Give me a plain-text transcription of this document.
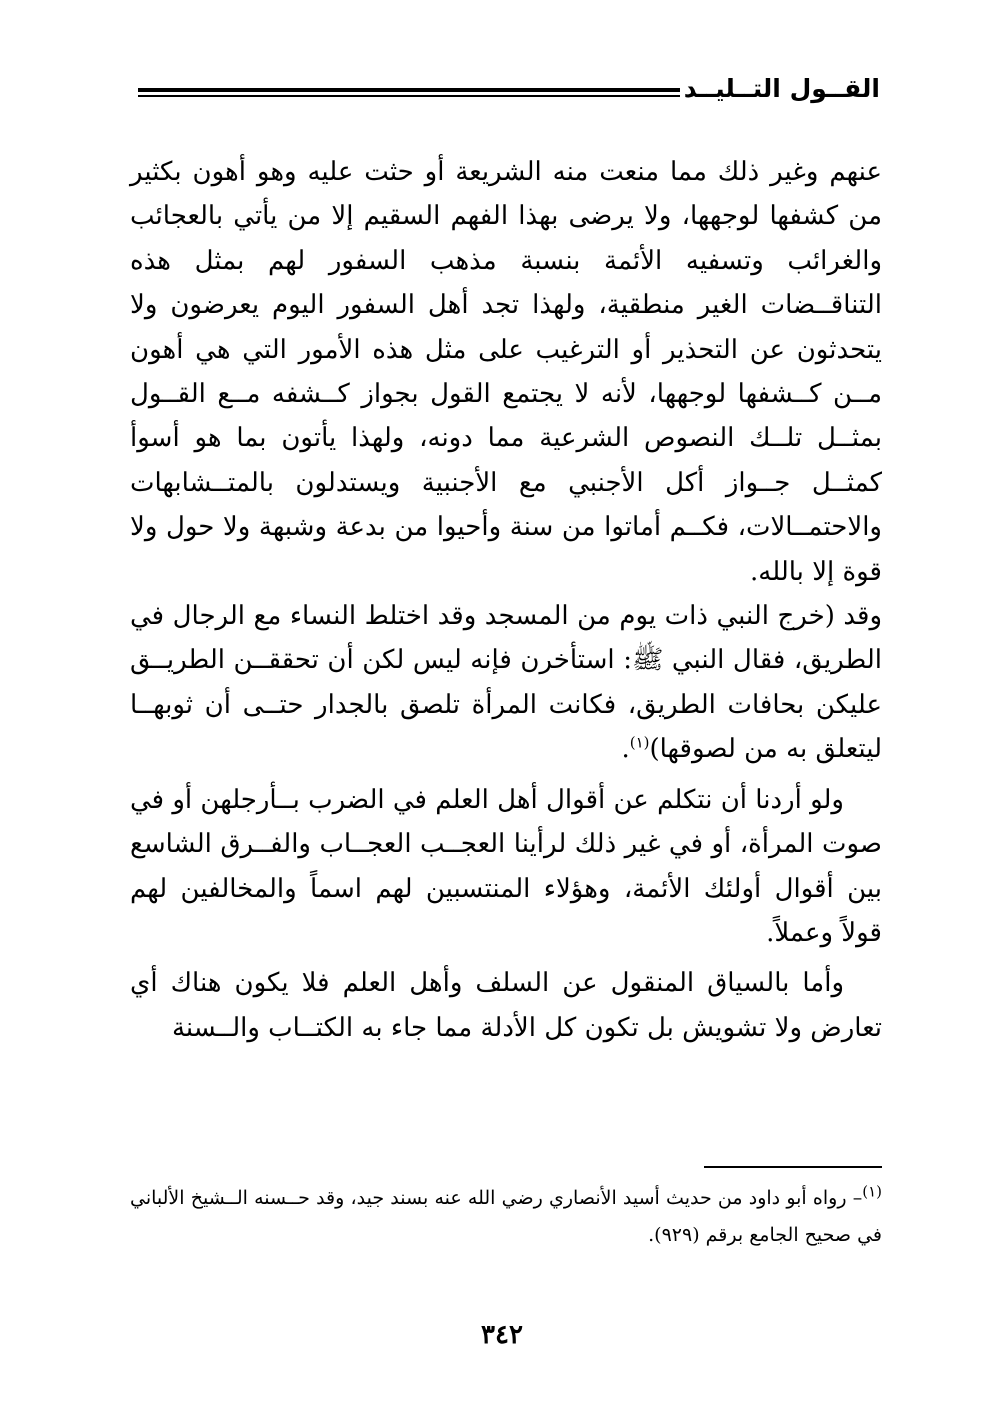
القــول التــليــد

عنهم وغير ذلك مما منعت منه الشريعة أو حثت عليه وهو أهون بكثير من كشفها لوجهها، ولا يرضى بهذا الفهم السقيم إلا من يأتي بالعجائب والغرائب وتسفيه الأئمة بنسبة مذهب السفور لهم بمثل هذه التناقــضات الغير منطقية، ولهذا تجد أهل السفور اليوم يعرضون ولا يتحدثون عن التحذير أو الترغيب على مثل هذه الأمور التي هي أهون مــن كــشفها لوجهها، لأنه لا يجتمع القول بجواز كــشفه مــع القــول بمثــل تلــك النصوص الشرعية مما دونه، ولهذا يأتون بما هو أسوأ كمثــل جــواز أكل الأجنبي مع الأجنبية ويستدلون بالمتــشابهات والاحتمــالات، فكــم أماتوا من سنة وأحيوا من بدعة وشبهة ولا حول ولا قوة إلا بالله.

وقد (خرج النبي ذات يوم من المسجد وقد اختلط النساء مع الرجال في الطريق، فقال النبي ﷺ: استأخرن فإنه ليس لكن أن تحققــن الطريــق عليكن بحافات الطريق، فكانت المرأة تلصق بالجدار حتــى أن ثوبهــا ليتعلق به من لصوقها)$^{(١)}$.

ولو أردنا أن نتكلم عن أقوال أهل العلم في الضرب بــأرجلهن أو في صوت المرأة، أو في غير ذلك لرأينا العجــب العجــاب والفــرق الشاسع بين أقوال أولئك الأئمة، وهؤلاء المنتسبين لهم اسماً والمخالفين لهم قولاً وعملاً.

وأما بالسياق المنقول عن السلف وأهل العلم فلا يكون هناك أي تعارض ولا تشويش بل تكون كل الأدلة مما جاء به الكتــاب والــسنة

$^{(١)}$– رواه أبو داود من حديث أسيد الأنصاري رضي الله عنه بسند جيد، وقد حــسنه الــشيخ الألباني في صحيح الجامع برقم (٩٢٩).
٣٤٢
